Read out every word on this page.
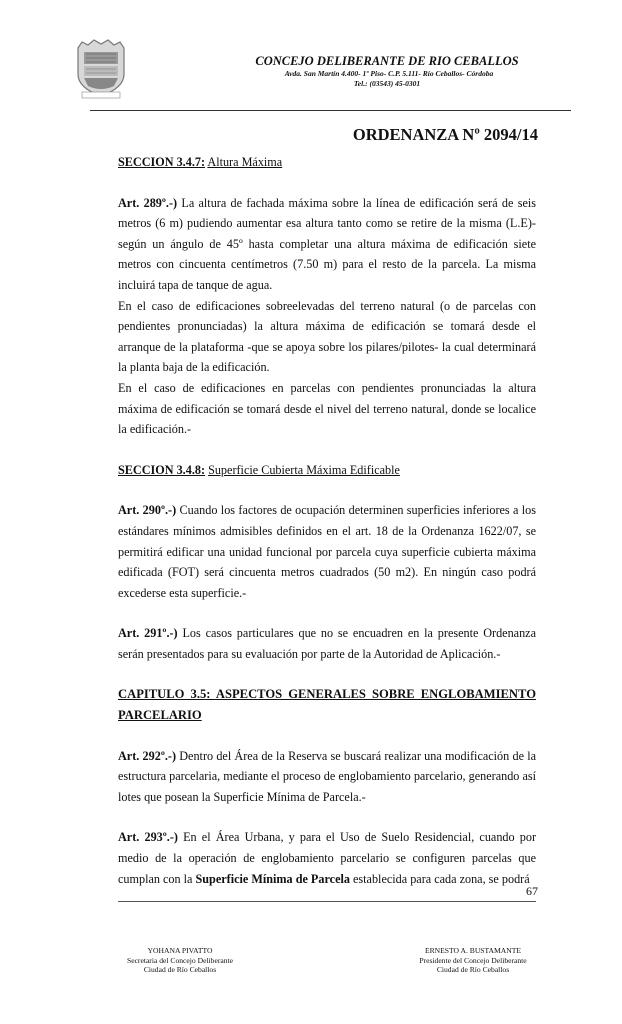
CONCEJO DELIBERANTE DE RIO CEBALLOS
Avda. San Martín 4.400- 1º Piso- C.P. 5.111- Río Ceballos- Córdoba
Tel.: (03543) 45-0301
ORDENANZA Nº 2094/14

SECCION 3.4.7: Altura Máxima

Art. 289º.-) La altura de fachada máxima sobre la línea de edificación será de seis metros (6 m) pudiendo aumentar esa altura tanto como se retire de la misma (L.E)- según un ángulo de 45º hasta completar una altura máxima de edificación siete metros con cincuenta centímetros (7.50 m) para el resto de la parcela. La misma incluirá tapa de tanque de agua.

En el caso de edificaciones sobreelevadas del terreno natural (o de parcelas con pendientes pronunciadas) la altura máxima de edificación se tomará desde el arranque de la plataforma -que se apoya sobre los pilares/pilotes- la cual determinará la planta baja de la edificación.

En el caso de edificaciones en parcelas con pendientes pronunciadas la altura máxima de edificación se tomará desde el nivel del terreno natural, donde se localice la edificación.-

SECCION 3.4.8: Superficie Cubierta Máxima Edificable

Art. 290º.-) Cuando los factores de ocupación determinen superficies inferiores a los estándares mínimos admisibles definidos en el art. 18 de la Ordenanza 1622/07, se permitirá edificar una unidad funcional por parcela cuya superficie cubierta máxima edificada (FOT) será cincuenta metros cuadrados (50 m2). En ningún caso podrá excederse esta superficie.-

Art. 291º.-) Los casos particulares que no se encuadren en la presente Ordenanza serán presentados para su evaluación por parte de la Autoridad de Aplicación.-

CAPITULO 3.5: ASPECTOS GENERALES SOBRE ENGLOBAMIENTO

PARCELARIO

Art. 292º.-) Dentro del Área de la Reserva se buscará realizar una modificación de la estructura parcelaria, mediante el proceso de englobamiento parcelario, generando así lotes que posean la Superficie Mínima de Parcela.-

Art. 293º.-) En el Área Urbana, y para el Uso de Suelo Residencial, cuando por medio de la operación de englobamiento parcelario se configuren parcelas que cumplan con la Superficie Mínima de Parcela establecida para cada zona, se podrá

67
YOHANA PIVATTO
Secretaria del Concejo Deliberante
Ciudad de Río Ceballos
ERNESTO A. BUSTAMANTE
Presidente del Concejo Deliberante
Ciudad de Río Ceballos
